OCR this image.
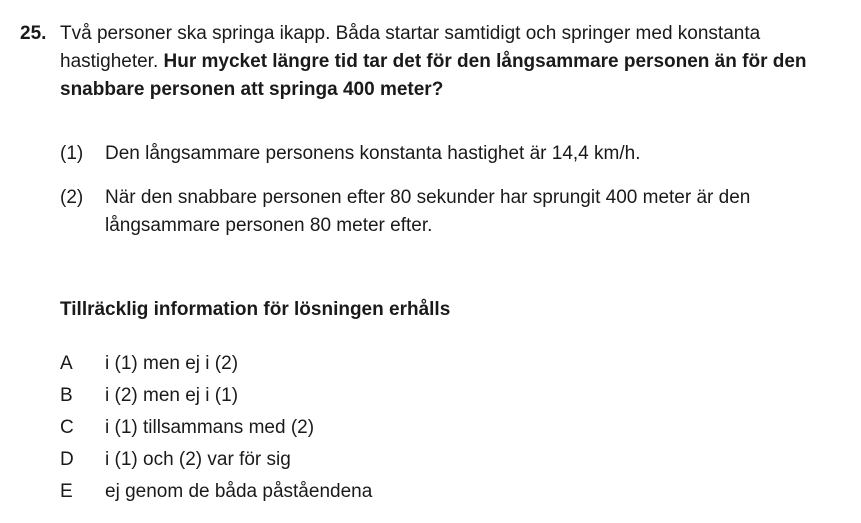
25. Två personer ska springa ikapp. Båda startar samtidigt och springer med konstanta hastigheter. Hur mycket längre tid tar det för den långsammare personen än för den snabbare personen att springa 400 meter?
(1)	Den långsammare personens konstanta hastighet är 14,4 km/h.
(2)	När den snabbare personen efter 80 sekunder har sprungit 400 meter är den långsammare personen 80 meter efter.
Tillräcklig information för lösningen erhålls
A	i (1) men ej i (2)
B	i (2) men ej i (1)
C	i (1) tillsammans med (2)
D	i (1) och (2) var för sig
E	ej genom de båda påståendena
